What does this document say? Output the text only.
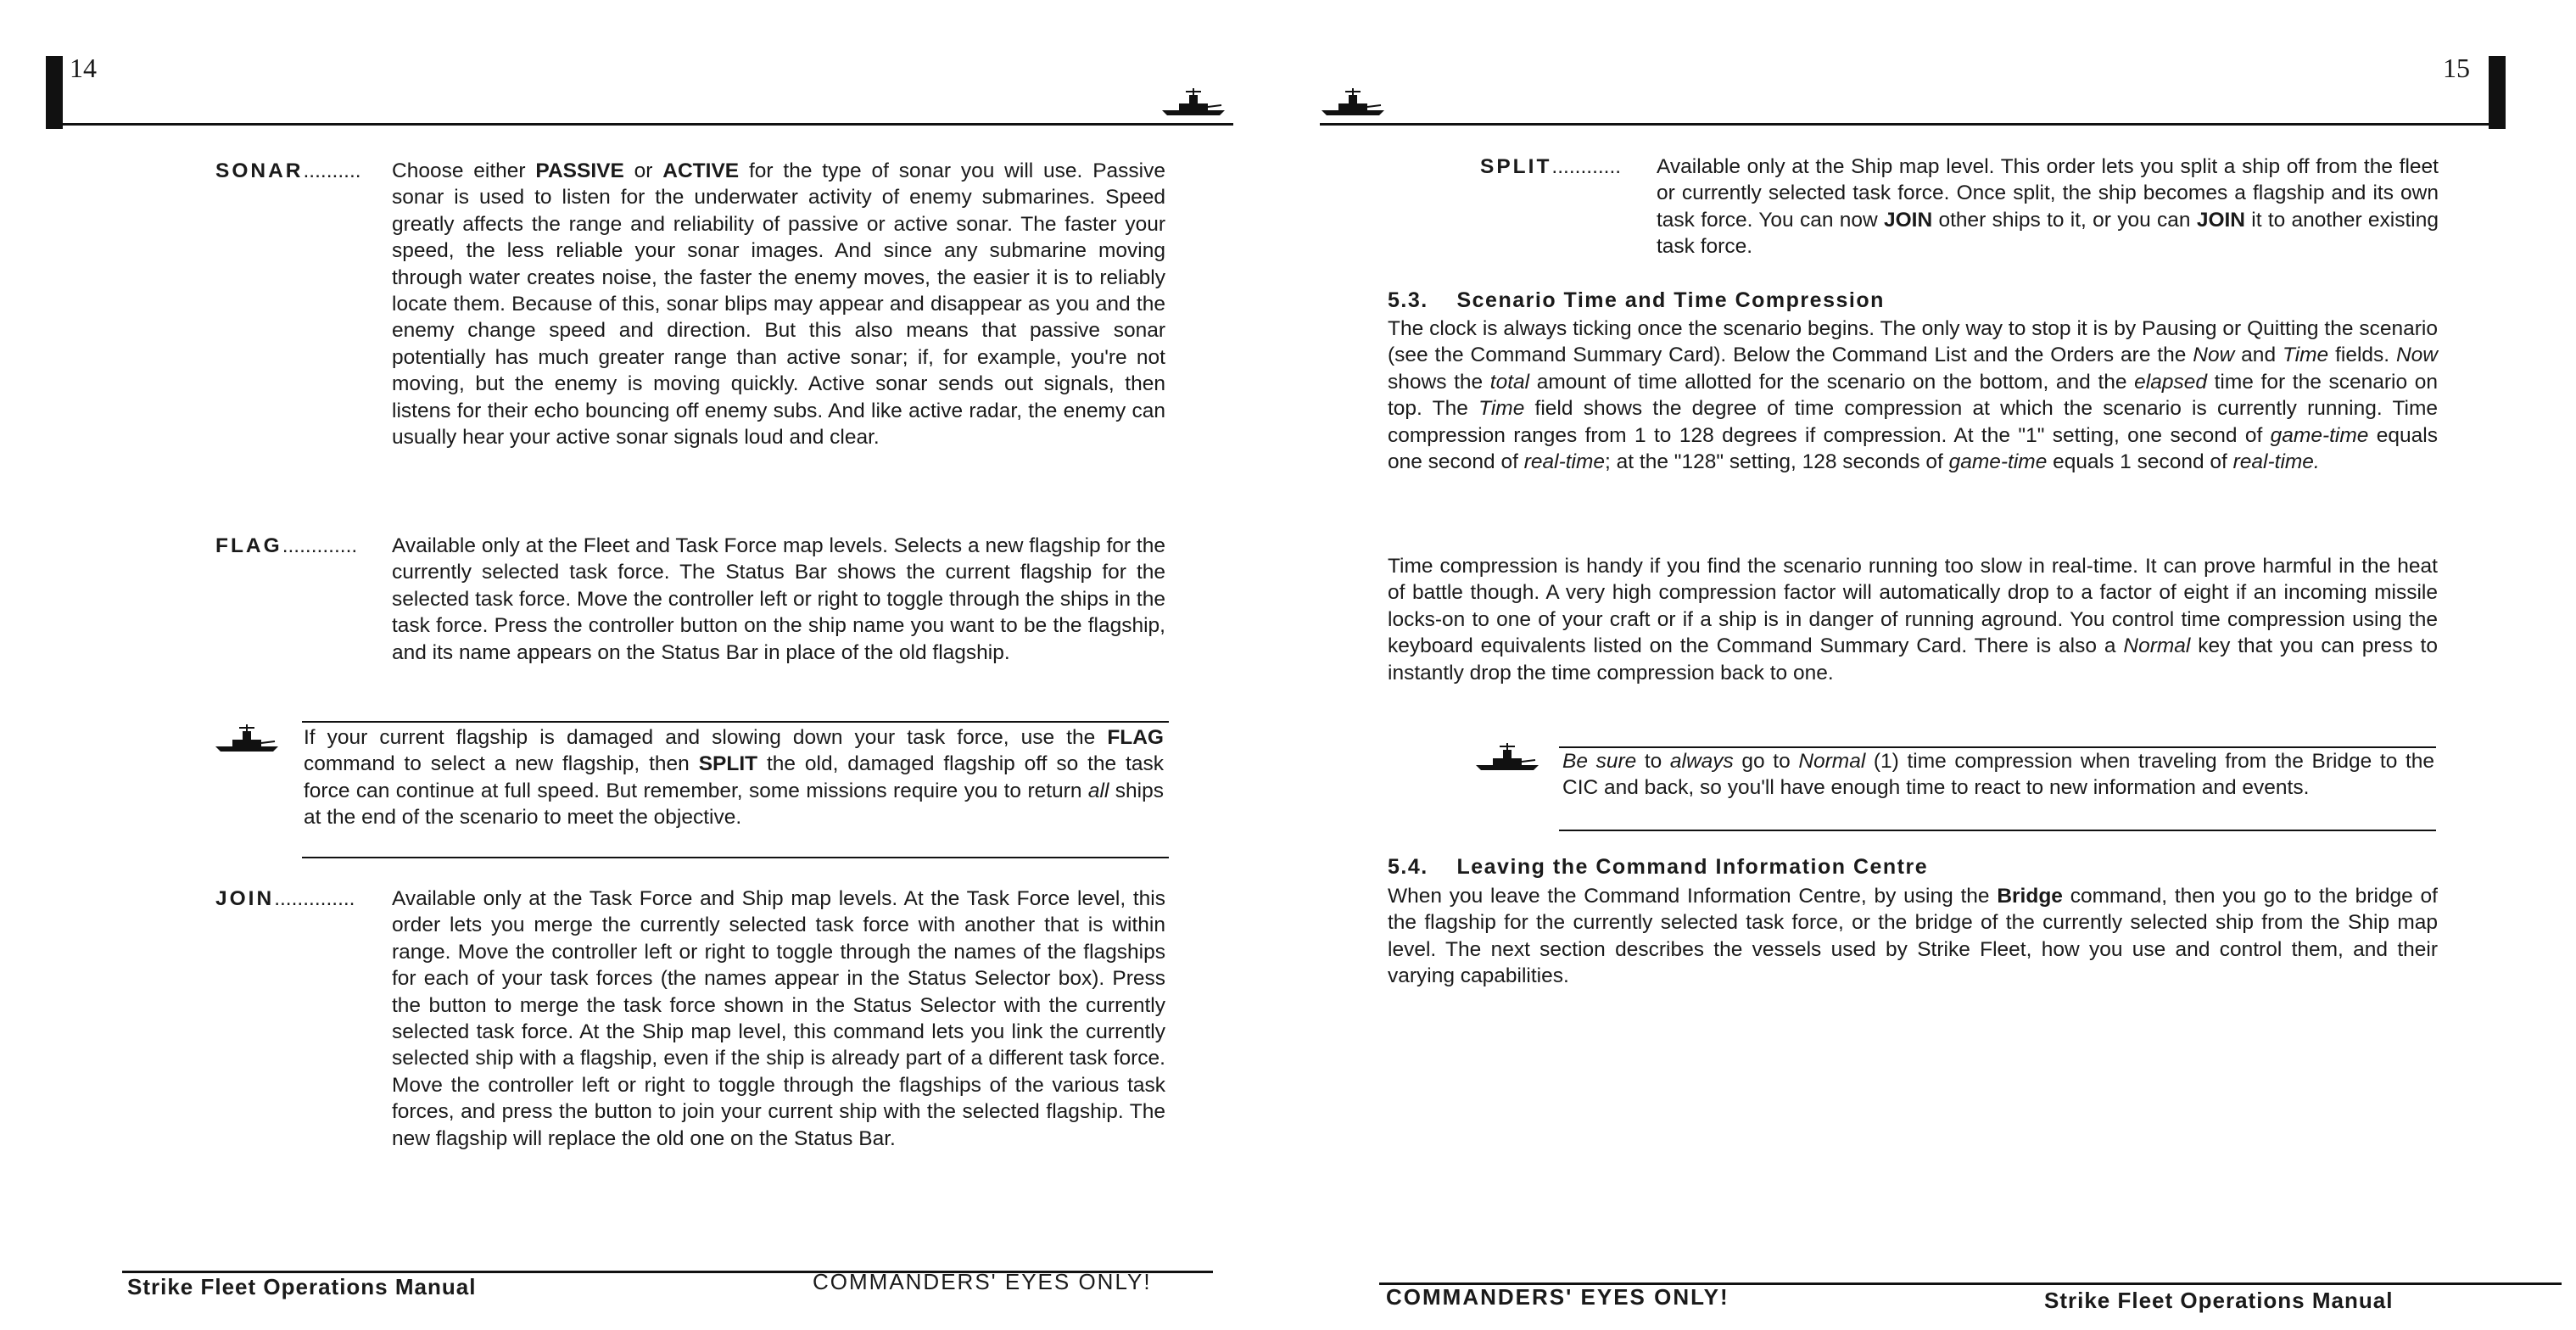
14
SONAR.......... Choose either PASSIVE or ACTIVE for the type of sonar you will use. Passive sonar is used to listen for the underwater activity of enemy submarines. Speed greatly affects the range and reliability of passive or active sonar. The faster your speed, the less reliable your sonar images. And since any submarine moving through water creates noise, the faster the enemy moves, the easier it is to reliably locate them. Because of this, sonar blips may appear and disappear as you and the enemy change speed and direction. But this also means that passive sonar potentially has much greater range than active sonar; if, for example, you're not moving, but the enemy is moving quickly. Active sonar sends out signals, then listens for their echo bouncing off enemy subs. And like active radar, the enemy can usually hear your active sonar signals loud and clear.
FLAG............. Available only at the Fleet and Task Force map levels. Selects a new flagship for the currently selected task force. The Status Bar shows the current flagship for the selected task force. Move the controller left or right to toggle through the ships in the task force. Press the controller button on the ship name you want to be the flagship, and its name appears on the Status Bar in place of the old flagship.
If your current flagship is damaged and slowing down your task force, use the FLAG command to select a new flagship, then SPLIT the old, damaged flagship off so the task force can continue at full speed. But remember, some missions require you to return all ships at the end of the scenario to meet the objective.
JOIN.............. Available only at the Task Force and Ship map levels. At the Task Force level, this order lets you merge the currently selected task force with another that is within range. Move the controller left or right to toggle through the names of the flagships for each of your task forces (the names appear in the Status Selector box). Press the button to merge the task force shown in the Status Selector with the currently selected task force. At the Ship map level, this command lets you link the currently selected ship with a flagship, even if the ship is already part of a different task force. Move the controller left or right to toggle through the flagships of the various task forces, and press the button to join your current ship with the selected flagship. The new flagship will replace the old one on the Status Bar.
Strike Fleet Operations Manual	COMMANDERS' EYES ONLY!
15
SPLIT............ Available only at the Ship map level. This order lets you split a ship off from the fleet or currently selected task force. Once split, the ship becomes a flagship and its own task force. You can now JOIN other ships to it, or you can JOIN it to another existing task force.
5.3.    Scenario Time and Time Compression
The clock is always ticking once the scenario begins. The only way to stop it is by Pausing or Quitting the scenario (see the Command Summary Card). Below the Command List and the Orders are the Now and Time fields. Now shows the total amount of time allotted for the scenario on the bottom, and the elapsed time for the scenario on top. The Time field shows the degree of time compression at which the scenario is currently running. Time compression ranges from 1 to 128 degrees if compression. At the "1" setting, one second of game-time equals one second of real-time; at the "128" setting, 128 seconds of game-time equals 1 second of real-time.
Time compression is handy if you find the scenario running too slow in real-time. It can prove harmful in the heat of battle though. A very high compression factor will automatically drop to a factor of eight if an incoming missile locks-on to one of your craft or if a ship is in danger of running aground. You control time compression using the keyboard equivalents listed on the Command Summary Card. There is also a Normal key that you can press to instantly drop the time compression back to one.
Be sure to always go to Normal (1) time compression when traveling from the Bridge to the CIC and back, so you'll have enough time to react to new information and events.
5.4.    Leaving the Command Information Centre
When you leave the Command Information Centre, by using the Bridge command, then you go to the bridge of the flagship for the currently selected task force, or the bridge of the currently selected ship from the Ship map level. The next section describes the vessels used by Strike Fleet, how you use and control them, and their varying capabilities.
COMMANDERS' EYES ONLY!	Strike Fleet Operations Manual
